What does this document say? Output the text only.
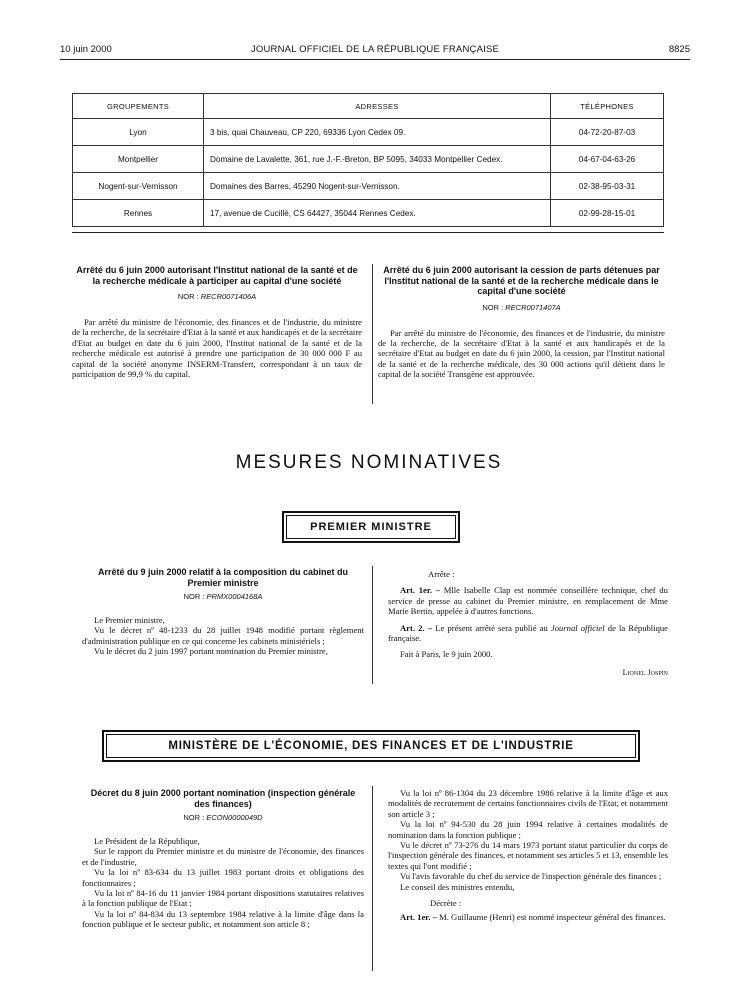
10 juin 2000	JOURNAL OFFICIEL DE LA RÉPUBLIQUE FRANÇAISE	8825
GROUPEMENTS	ADRESSES	TÉLÉPHONES
Lyon	3 bis, quai Chauveau, CP 220, 69336 Lyon Cedex 09.	04-72-20-87-03
Montpellier	Domaine de Lavalette, 361, rue J.-F.-Breton, BP 5095, 34033 Montpellier Cedex.	04-67-04-63-26
Nogent-sur-Vernisson	Domaines des Barres, 45290 Nogent-sur-Vernisson.	02-38-95-03-31
Rennes	17, avenue de Cucillé, CS 64427, 35044 Rennes Cedex.	02-99-28-15-01
Arrêté du 6 juin 2000 autorisant l'Institut national de la santé et de la recherche médicale à participer au capital d'une société
NOR : RECR0071406A

Par arrêté du ministre de l'économie, des finances et de l'industrie, du ministre de la recherche, de la secrétaire d'Etat à la santé et aux handicapés et de la secrétaire d'Etat au budget en date du 6 juin 2000, l'Institut national de la santé et de la recherche médicale est autorisé à prendre une participation de 30 000 000 F au capital de la société anonyme INSERM-Transfert, correspondant à un taux de participation de 99,9 % du capital.

Arrêté du 6 juin 2000 autorisant la cession de parts détenues par l'Institut national de la santé et de la recherche médicale dans le capital d'une société
NOR : RECR0071407A

Par arrêté du ministre de l'économie, des finances et de l'industrie, du ministre de la recherche, de la secrétaire d'Etat à la santé et aux handicapés et de la secrétaire d'Etat au budget en date du 6 juin 2000, la cession, par l'Institut national de la santé et de la recherche médicale, des 30 000 actions qu'il détient dans le capital de la société Transgène est approuvée.

MESURES NOMINATIVES
PREMIER MINISTRE
Arrêté du 9 juin 2000 relatif à la composition du cabinet du Premier ministre
NOR : PRMX0004168A

Le Premier ministre,

Vu le décret nº 48-1233 du 28 juillet 1948 modifié portant règlement d'administration publique en ce qui concerne les cabinets ministériels ;

Vu le décret du 2 juin 1997 portant nomination du Premier ministre,

Arrête :

Art. 1er. – Mlle Isabelle Clap est nommée conseillère technique, chef du service de presse au cabinet du Premier ministre, en remplacement de Mme Marie Bertin, appelée à d'autres fonctions.

Art. 2. – Le présent arrêté sera publié au Journal officiel de la République française.

Fait à Paris, le 9 juin 2000.

Lionel Jospin
MINISTÈRE DE L'ÉCONOMIE, DES FINANCES ET DE L'INDUSTRIE
Décret du 8 juin 2000 portant nomination (inspection générale des finances)
NOR : ECON0000049D

Le Président de la République,

Sur le rapport du Premier ministre et du ministre de l'économie, des finances et de l'industrie,

Vu la loi nº 83-634 du 13 juillet 1983 portant droits et obligations des fonctionnaires ;

Vu la loi nº 84-16 du 11 janvier 1984 portant dispositions statutaires relatives à la fonction publique de l'Etat ;

Vu la loi nº 84-834 du 13 septembre 1984 relative à la limite d'âge dans la fonction publique et le secteur public, et notamment son article 8 ;

Vu la loi nº 86-1304 du 23 décembre 1986 relative à la limite d'âge et aux modalités de recrutement de certains fonctionnaires civils de l'Etat, et notamment son article 3 ;

Vu la loi nº 94-530 du 28 juin 1994 relative à certaines modalités de nomination dans la fonction publique ;

Vu le décret nº 73-276 du 14 mars 1973 portant statut particulier du corps de l'inspection générale des finances, et notamment ses articles 5 et 13, ensemble les textes qui l'ont modifié ;

Vu l'avis favorable du chef du service de l'inspection générale des finances ;

Le conseil des ministres entendu,

Décrète :

Art. 1er. – M. Guillaume (Henri) est nommé inspecteur général des finances.
